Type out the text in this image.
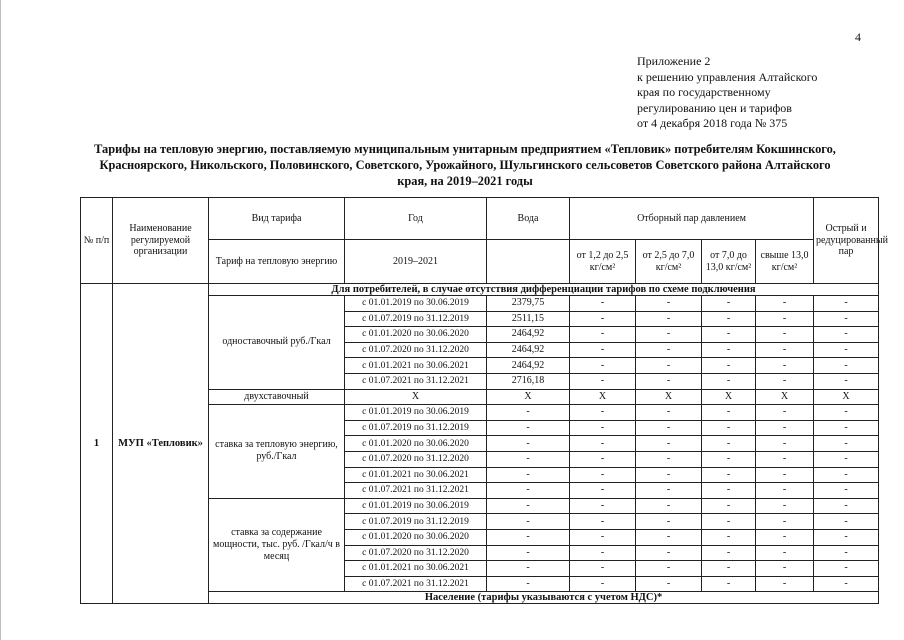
4
Приложение 2
к решению управления Алтайского
края по государственному
регулированию цен и тарифов
от 4 декабря 2018 года № 375
Тарифы на тепловую энергию, поставляемую муниципальным унитарным предприятием «Тепловик» потребителям Кокшинского,
Красноярского, Никольского, Половинского, Советского, Урожайного, Шульгинского сельсоветов Советского района Алтайского
края, на 2019–2021 годы
№ п/п	Наименование регулируемой организации	Вид тарифа	Год	Вода	Отборный пар давлением				Острый и редуцированный пар
		Тариф на тепловую энергию	2019–2021		от 1,2 до 2,5 кг/см²	от 2,5 до 7,0 кг/см²	от 7,0 до 13,0 кг/см²	свыше 13,0 кг/см²	
1	МУП «Тепловик»	Для потребителей, в случае отсутствия дифференциации тарифов по схеме подключения							
		одноставочный руб./Гкал	с 01.01.2019 по 30.06.2019	2379,75	-	-	-	-	-
			с 01.07.2019 по 31.12.2019	2511,15	-	-	-	-	-
			с 01.01.2020 по 30.06.2020	2464,92	-	-	-	-	-
			с 01.07.2020 по 31.12.2020	2464,92	-	-	-	-	-
			с 01.01.2021 по 30.06.2021	2464,92	-	-	-	-	-
			с 01.07.2021 по 31.12.2021	2716,18	-	-	-	-	-
		двухставочный	Х	Х	Х	Х	Х	Х	Х
		ставка за тепловую энергию, руб./Гкал	с 01.01.2019 по 30.06.2019	-	-	-	-	-	-
			с 01.07.2019 по 31.12.2019	-	-	-	-	-	-
			с 01.01.2020 по 30.06.2020	-	-	-	-	-	-
			с 01.07.2020 по 31.12.2020	-	-	-	-	-	-
			с 01.01.2021 по 30.06.2021	-	-	-	-	-	-
			с 01.07.2021 по 31.12.2021	-	-	-	-	-	-
		ставка за содержание мощности, тыс. руб. /Гкал/ч в месяц	с 01.01.2019 по 30.06.2019	-	-	-	-	-	-
			с 01.07.2019 по 31.12.2019	-	-	-	-	-	-
			с 01.01.2020 по 30.06.2020	-	-	-	-	-	-
			с 01.07.2020 по 31.12.2020	-	-	-	-	-	-
			с 01.01.2021 по 30.06.2021	-	-	-	-	-	-
			с 01.07.2021 по 31.12.2021	-	-	-	-	-	-
		Население (тарифы указываются с учетом НДС)*							
